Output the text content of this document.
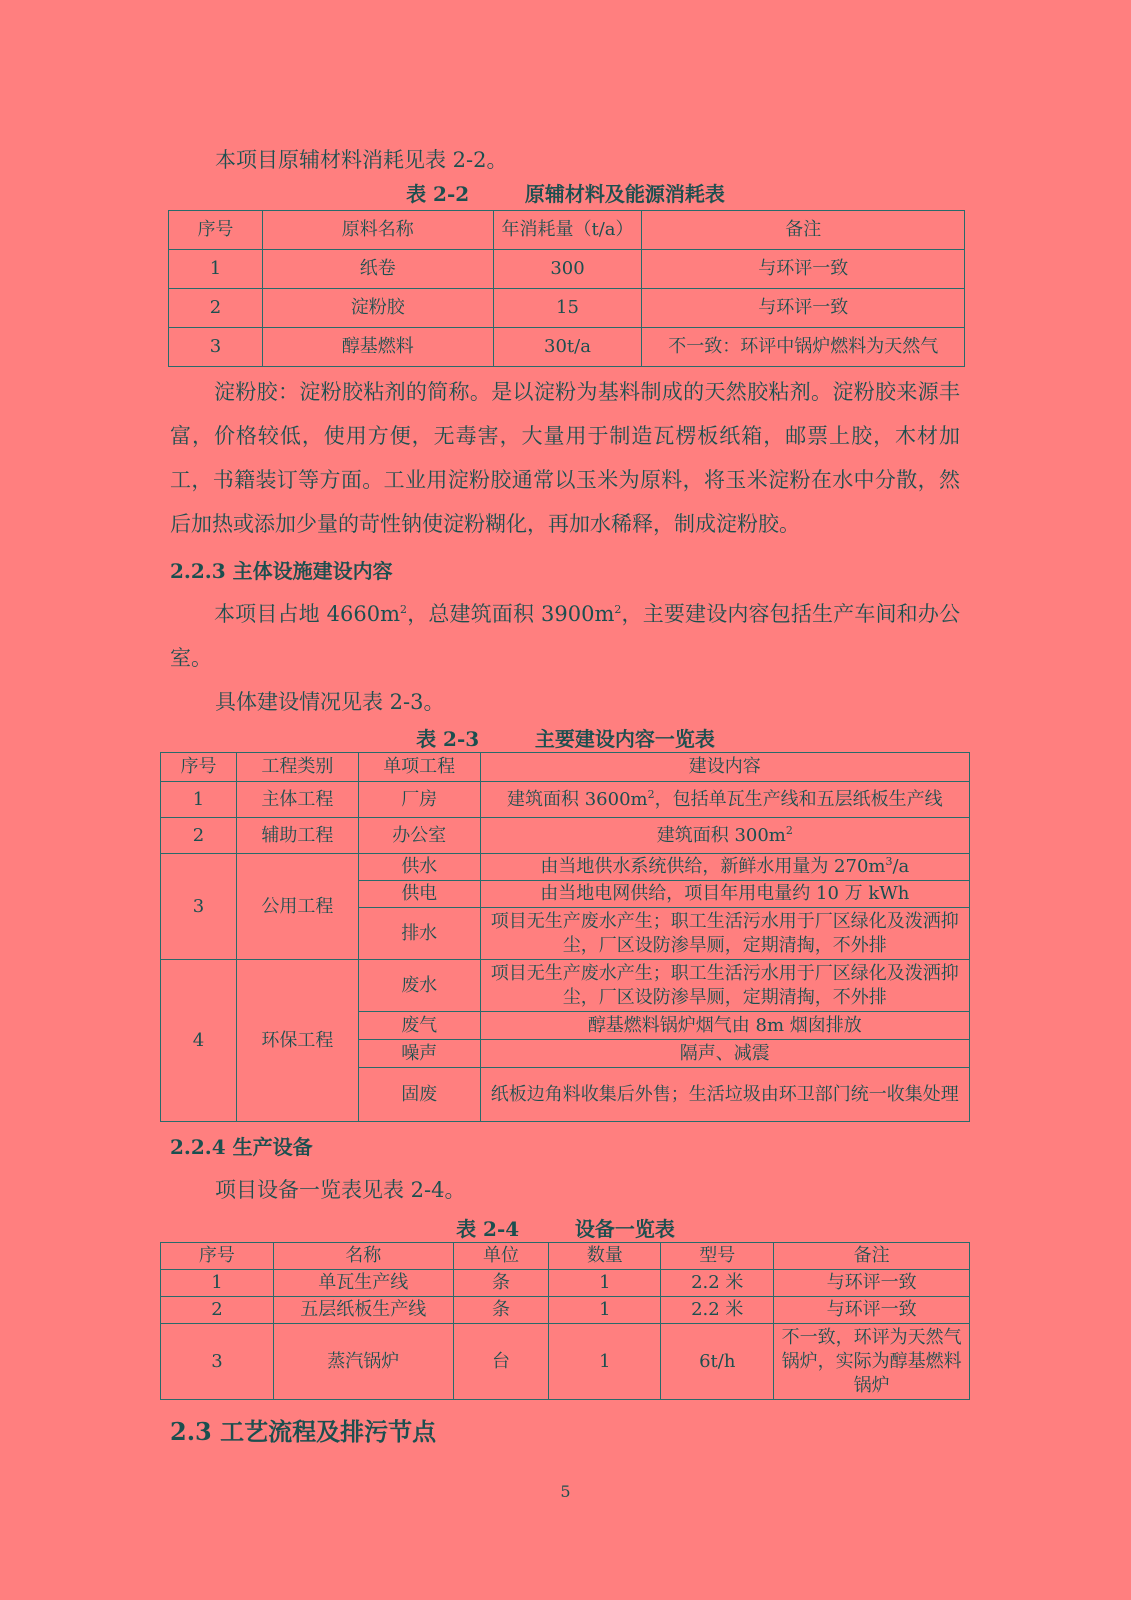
本项目原辅材料消耗见表 2-2。

表 2-2        原辅材料及能源消耗表

序号	原料名称	年消耗量（t/a）	备注
1	纸卷	300	与环评一致
2	淀粉胶	15	与环评一致
3	醇基燃料	30t/a	不一致：环评中锅炉燃料为天然气

淀粉胶：淀粉胶粘剂的简称。是以淀粉为基料制成的天然胶粘剂。淀粉胶来源丰富，价格较低，使用方便，无毒害，大量用于制造瓦楞板纸箱，邮票上胶，木材加工，书籍装订等方面。工业用淀粉胶通常以玉米为原料，将玉米淀粉在水中分散，然后加热或添加少量的苛性钠使淀粉糊化，再加水稀释，制成淀粉胶。

2.2.3 主体设施建设内容

本项目占地 $4660m^2$，总建筑面积 $3900m^2$，主要建设内容包括生产车间和办公室。

具体建设情况见表 2-3。

表 2-3        主要建设内容一览表

序号	工程类别	单项工程	建设内容
1	主体工程	厂房	建筑面积 $3600m^2$，包括单瓦生产线和五层纸板生产线
2	辅助工程	办公室	建筑面积 $300m^2$
3	公用工程	供水	由当地供水系统供给，新鲜水用量为 $270m^3/a$
		供电	由当地电网供给，项目年用电量约 10 万 kWh
		排水	项目无生产废水产生；职工生活污水用于厂区绿化及泼洒抑尘，厂区设防渗旱厕，定期清掏，不外排
4	环保工程	废水	项目无生产废水产生；职工生活污水用于厂区绿化及泼洒抑尘，厂区设防渗旱厕，定期清掏，不外排
		废气	醇基燃料锅炉烟气由 8m 烟囱排放
		噪声	隔声、减震
		固废	纸板边角料收集后外售；生活垃圾由环卫部门统一收集处理
2.2.4 生产设备

项目设备一览表见表 2-4。

表 2-4        设备一览表

序号	名称	单位	数量	型号	备注
1	单瓦生产线	条	1	2.2 米	与环评一致
2	五层纸板生产线	条	1	2.2 米	与环评一致
3	蒸汽锅炉	台	1	6t/h	不一致，环评为天然气锅炉，实际为醇基燃料锅炉
2.3 工艺流程及排污节点
5
